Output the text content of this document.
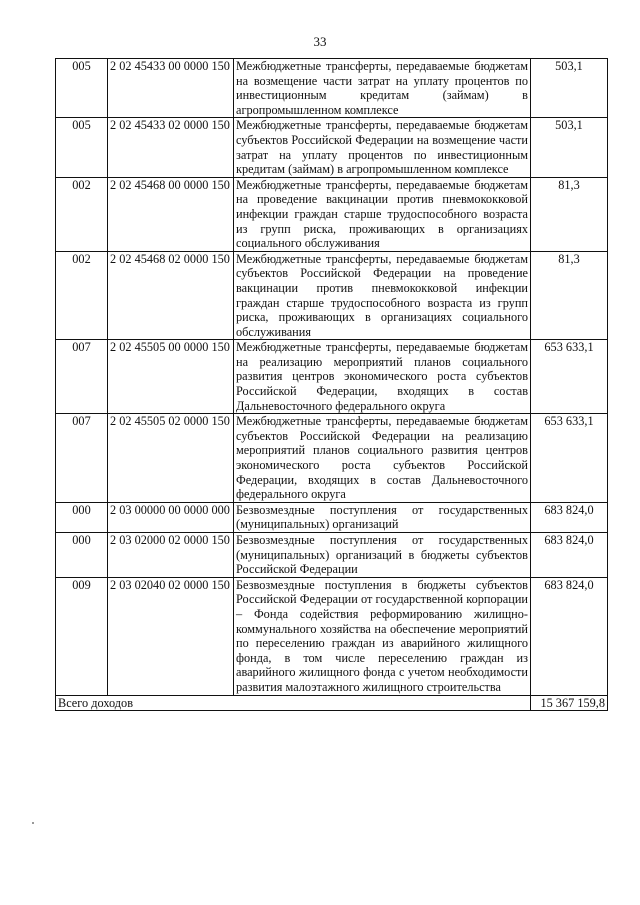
33
005	2 02 45433 00 0000 150	Межбюджетные трансферты, передаваемые бюджетам на возмещение части затрат на уплату процентов по инвестиционным кредитам (займам) в агропромышленном комплексе	503,1
005	2 02 45433 02 0000 150	Межбюджетные трансферты, передаваемые бюджетам субъектов Российской Федерации на возмещение части затрат на уплату процентов по инвестиционным кредитам (займам) в агропромышленном комплексе	503,1
002	2 02 45468 00 0000 150	Межбюджетные трансферты, передаваемые бюджетам на проведение вакцинации против пневмококковой инфекции граждан старше трудоспособного возраста из групп риска, проживающих в организациях социального обслуживания	81,3
002	2 02 45468 02 0000 150	Межбюджетные трансферты, передаваемые бюджетам субъектов Российской Федерации на проведение вакцинации против пневмококковой инфекции граждан старше трудоспособного возраста из групп риска, проживающих в организациях социального обслуживания	81,3
007	2 02 45505 00 0000 150	Межбюджетные трансферты, передаваемые бюджетам на реализацию мероприятий планов социального развития центров экономического роста субъектов Российской Федерации, входящих в состав Дальневосточного федерального округа	653 633,1
007	2 02 45505 02 0000 150	Межбюджетные трансферты, передаваемые бюджетам субъектов Российской Федерации на реализацию мероприятий планов социального развития центров экономического роста субъектов Российской Федерации, входящих в состав Дальневосточного федерального округа	653 633,1
000	2 03 00000 00 0000 000	Безвозмездные поступления от государственных (муниципальных) организаций	683 824,0
000	2 03 02000 02 0000 150	Безвозмездные поступления от государственных (муниципальных) организаций в бюджеты субъектов Российской Федерации	683 824,0
009	2 03 02040 02 0000 150	Безвозмездные поступления в бюджеты субъектов Российской Федерации от государственной корпорации – Фонда содействия реформированию жилищно-коммунального хозяйства на обеспечение мероприятий по переселению граждан из аварийного жилищного фонда, в том числе переселению граждан из аварийного жилищного фонда с учетом необходимости развития малоэтажного жилищного строительства	683 824,0
Всего доходов			15 367 159,8
